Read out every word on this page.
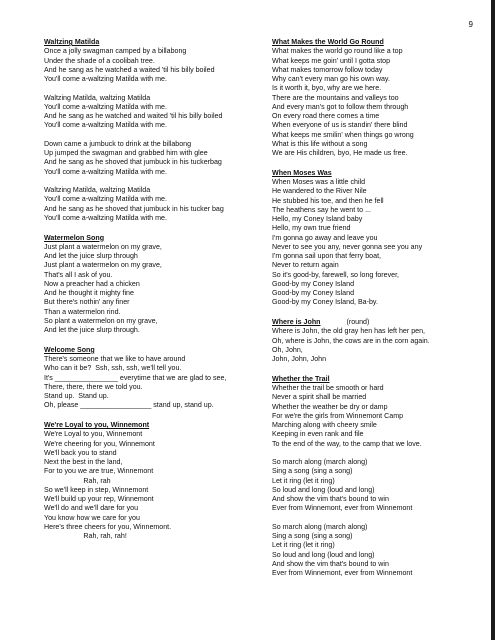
9
Waltzing Matilda
Once a jolly swagman camped by a billabong
Under the shade of a coolibah tree.
And he sang as he watched a waited 'til his billy boiled
You'll come a-waltzing Matilda with me.
Waltzing Matilda, waltzing Matilda
You'll come a-waltzing Matilda with me.
And he sang as he watched and waited 'til his billy boiled
You'll come a-waltzing Matilda with me.
Down came a jumbuck to drink at the billabong
Up jumped the swagman and grabbed him with glee
And he sang as he shoved that jumbuck in his tuckerbag
You'll come a-waltzing Matilda with me.
Waltzing Matilda, waltzing Matilda
You'll come a-waltzing Matilda with me.
And he sang as he shoved that jumbuck in his tucker bag
You'll come a-waltzing Matilda with me.
Watermelon Song
Just plant a watermelon on my grave,
And let the juice slurp through
Just plant a watermelon on my grave,
That's all I ask of you.
Now a preacher had a chicken
And he thought it mighty fine
But there's nothin' any finer
Than a watermelon rind.
So plant a watermelon on my grave,
And let the juice slurp through.
Welcome Song
There's someone that we like to have around
Who can it be?  Ssh, ssh, ssh, we'll tell you.
It's ________________ everytime that we are glad to see,
There, there, there we told you.
Stand up.  Stand up.
Oh, please __________________ stand up, stand up.
We're Loyal to you, Winnemont
We're Loyal to you, Winnemont
We're cheering for you, Winnemont
We'll back you to stand
Next the best in the land,
For to you we are true, Winnemont
Rah, rah
So we'll keep in step, Winnemont
We'll build up your rep, Winnemont
We'll do and we'll dare for you
You know how we care for you
Here's three cheers for you, Winnemont.
Rah, rah, rah!
What Makes the World Go Round
What makes the world go round like a top
What keeps me goin' until I gotta stop
What makes tomorrow follow today
Why can't every man go his own way.
Is it worth it, byo, why are we here.
There are the mountains and valleys too
And every man's got to follow them through
On every road there comes a time
When everyone of us is standin' there blind
What keeps me smilin' when things go wrong
What is this life without a song
We are His children, byo, He made us free.
When Moses Was
When Moses was a little child
He wandered to the River Nile
He stubbed his toe, and then he fell
The heathens say he went to ...
Hello, my Coney Island baby
Hello, my own true friend
I'm gonna go away and leave you
Never to see you any, never gonna see you any
I'm gonna sail upon that ferry boat,
Never to return again
So it's good-by, farewell, so long forever,
Good-by my Coney Island
Good-by my Coney Island
Good-by my Coney Island, Ba-by.
Where is John	(round)
Where is John, the old gray hen has left her pen,
Oh, where is John, the cows are in the corn again.
Oh, John,
John, John, John
Whether the Trail
Whether the trail be smooth or hard
Never a spirit shall be married
Whether the weather be dry or damp
For we're the girls from Winnemont Camp
Marching along with cheery smile
Keeping in even rank and file
To the end of the way, to the camp that we love.
So march along (march along)
Sing a song (sing a song)
Let it ring (let it ring)
So loud and long (loud and long)
And show the vim that's bound to win
Ever from Winnemont, ever from Winnemont
So march along (march along)
Sing a song (sing a song)
Let it ring (let it ring)
So loud and long (loud and long)
And show the vim that's bound to win
Ever from Winnemont, ever from Winnemont
